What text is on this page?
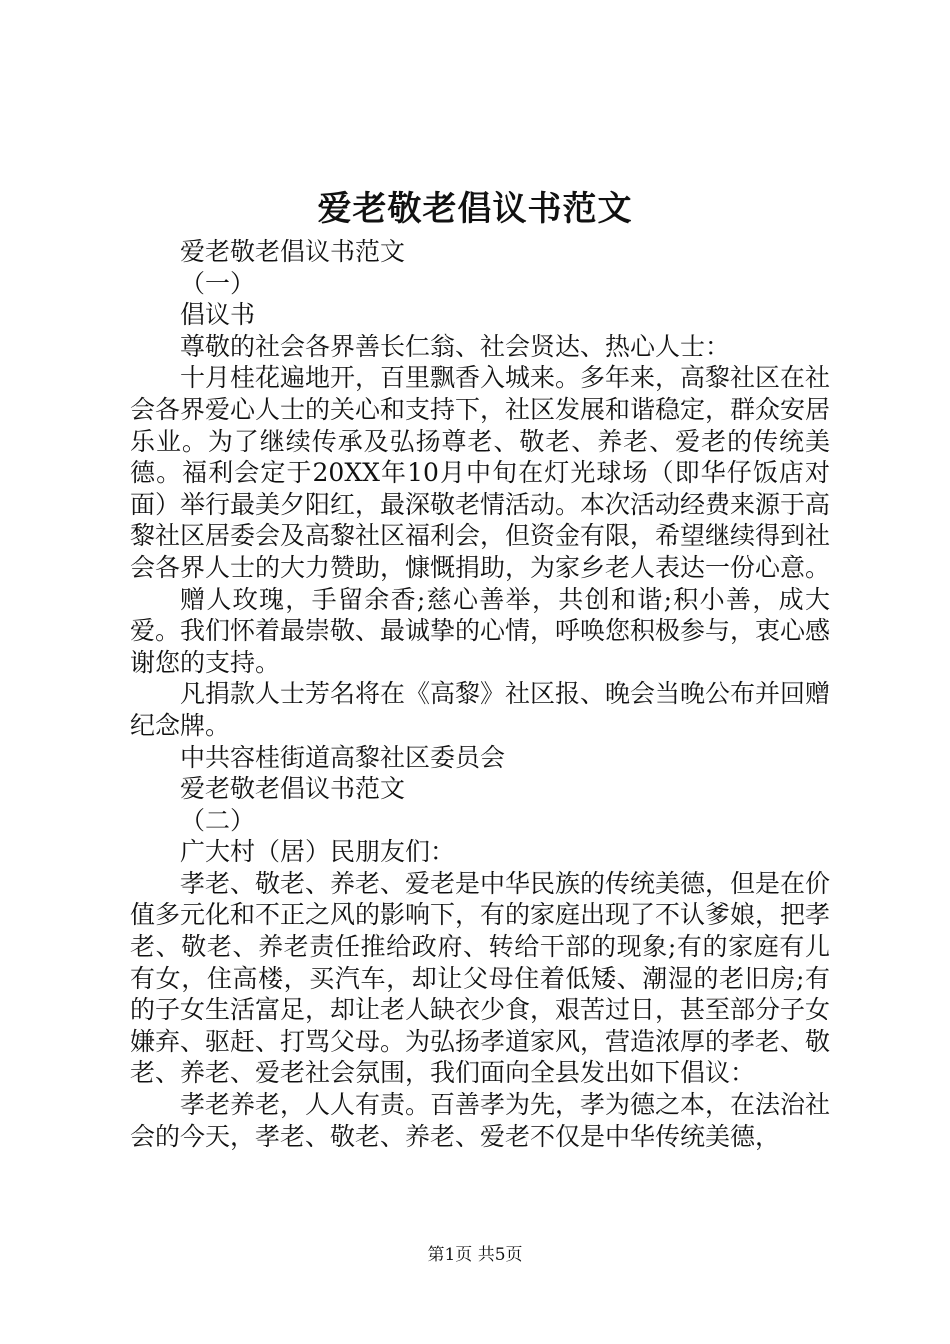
爱老敬老倡议书范文

爱老敬老倡议书范文

（一）

倡议书

尊敬的社会各界善长仁翁、社会贤达、热心人士：

十月桂花遍地开，百里飘香入城来。多年来，高黎社区在社会各界爱心人士的关心和支持下，社区发展和谐稳定，群众安居乐业。为了继续传承及弘扬尊老、敬老、养老、爱老的传统美德。福利会定于20XX年10月中旬在灯光球场（即华仔饭店对面）举行最美夕阳红，最深敬老情活动。本次活动经费来源于高黎社区居委会及高黎社区福利会，但资金有限，希望继续得到社会各界人士的大力赞助，慷慨捐助，为家乡老人表达一份心意。

赠人玫瑰，手留余香;慈心善举，共创和谐;积小善，成大爱。我们怀着最崇敬、最诚挚的心情，呼唤您积极参与，衷心感谢您的支持。

凡捐款人士芳名将在《高黎》社区报、晚会当晚公布并回赠纪念牌。

中共容桂街道高黎社区委员会

爱老敬老倡议书范文

（二）

广大村（居）民朋友们：

孝老、敬老、养老、爱老是中华民族的传统美德，但是在价值多元化和不正之风的影响下，有的家庭出现了不认爹娘，把孝老、敬老、养老责任推给政府、转给干部的现象;有的家庭有儿有女，住高楼，买汽车，却让父母住着低矮、潮湿的老旧房;有的子女生活富足，却让老人缺衣少食，艰苦过日，甚至部分子女嫌弃、驱赶、打骂父母。为弘扬孝道家风，营造浓厚的孝老、敬老、养老、爱老社会氛围，我们面向全县发出如下倡议：

孝老养老，人人有责。百善孝为先，孝为德之本，在法治社会的今天，孝老、敬老、养老、爱老不仅是中华传统美德，

第1页 共5页
